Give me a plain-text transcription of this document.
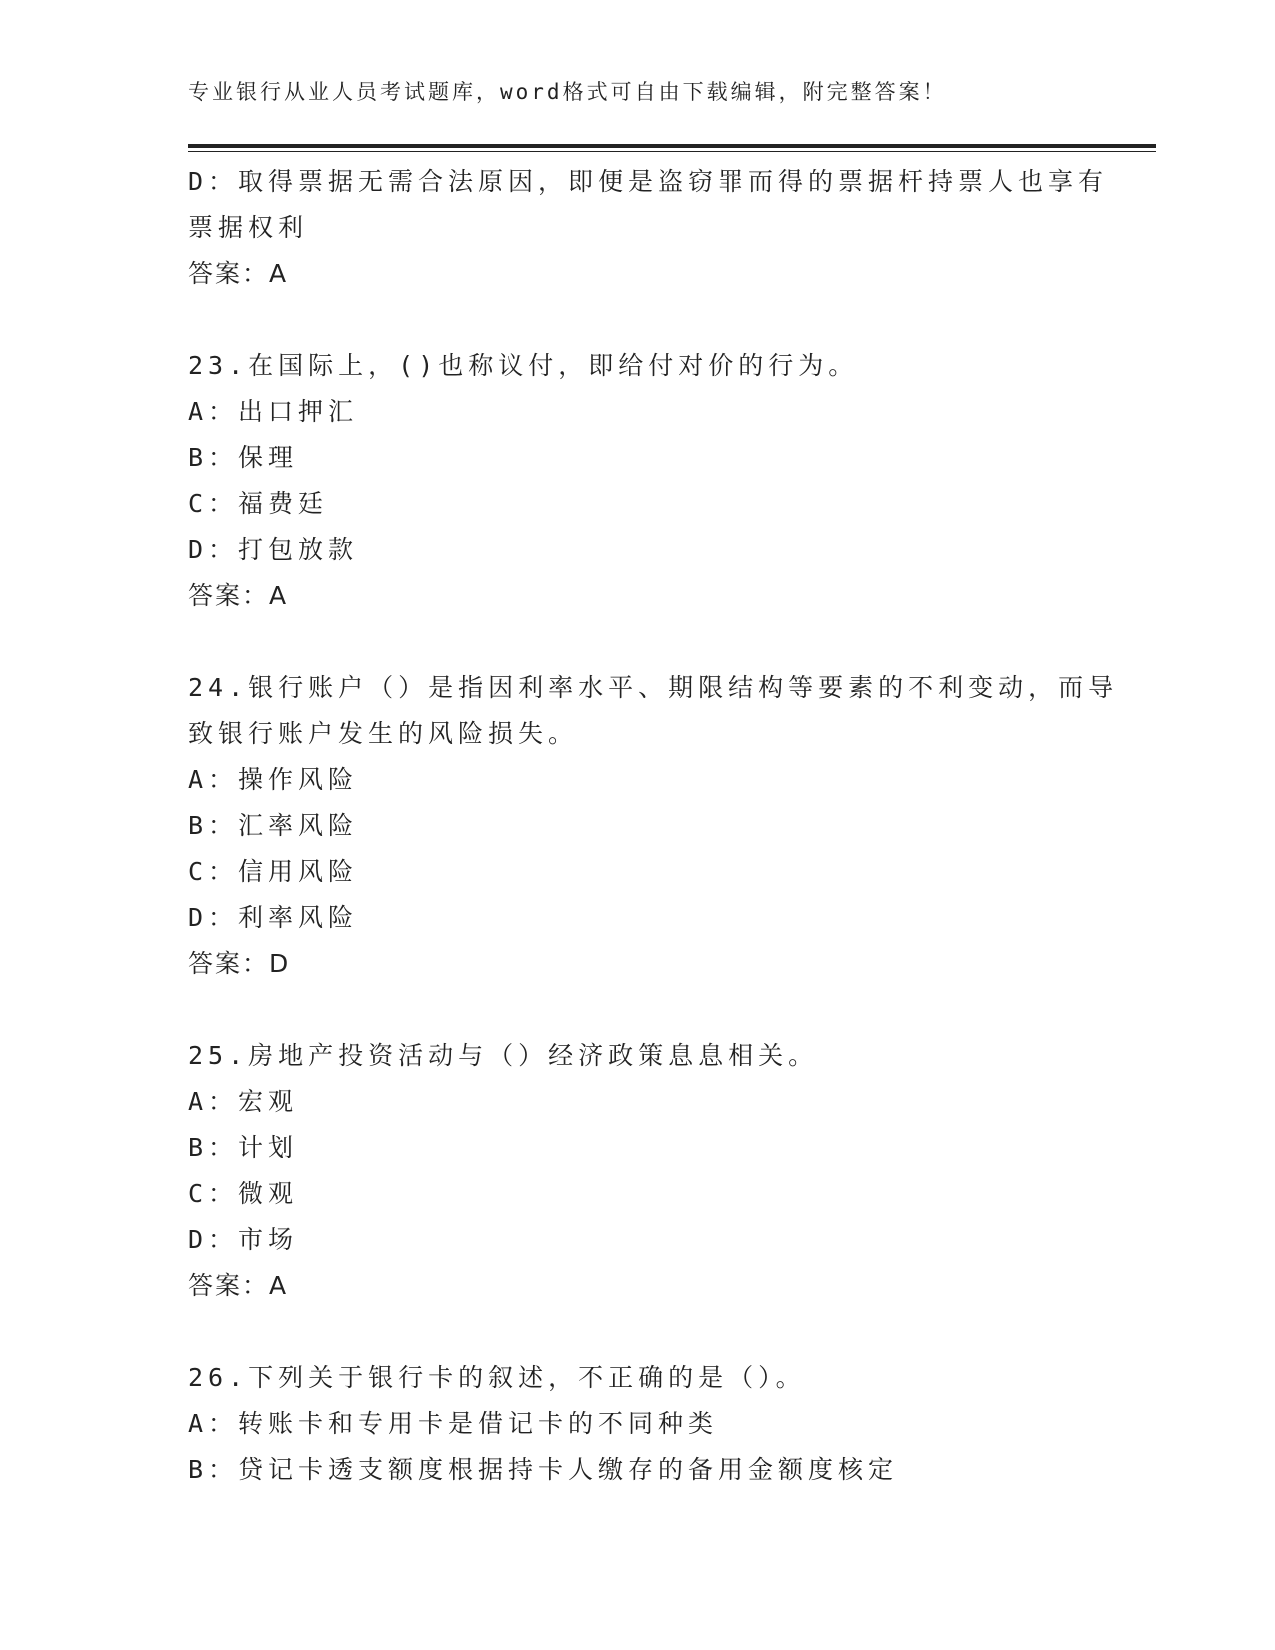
专业银行从业人员考试题库，word格式可自由下载编辑，附完整答案！
D：取得票据无需合法原因，即便是盗窃罪而得的票据杆持票人也享有
票据权利
答案：A
23.在国际上，()也称议付，即给付对价的行为。
A：出口押汇
B：保理
C：福费廷
D：打包放款
答案：A
24.银行账户（）是指因利率水平、期限结构等要素的不利变动，而导
致银行账户发生的风险损失。
A：操作风险
B：汇率风险
C：信用风险
D：利率风险
答案：D
25.房地产投资活动与（）经济政策息息相关。
A：宏观
B：计划
C：微观
D：市场
答案：A
26.下列关于银行卡的叙述，不正确的是（）。
A：转账卡和专用卡是借记卡的不同种类
B：贷记卡透支额度根据持卡人缴存的备用金额度核定
